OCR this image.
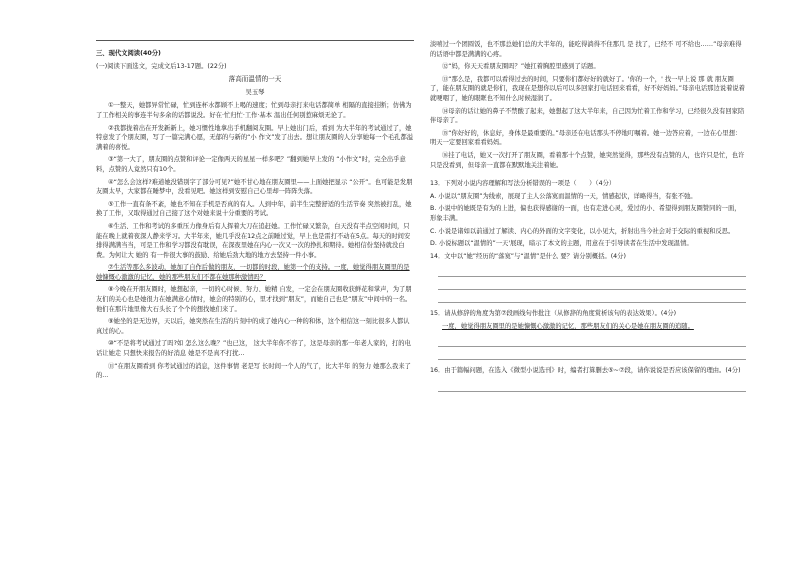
三、现代文阅读(40分)

(一)阅读下面选文，完成文后13-17题。(22分)

落高而温情的一天

吴玉琴

①一整天，她都异常忙碌，忙到连杯水都顾不上喝的速度；忙到母亲打来电话都简单 相隔的直接挂断；仿佛为了工作相关的事连半句多余的话都说没。好在·忙归忙·工作·基本 温出任何别惹麻烦无论了。

②我都拢着出在开发新新上，她习惯性地拿出手机翻阅友圈。早上她出门后，看到 为大半年的考试通过了，她特意发了个朋友圈，写了一篇完满心愿，无郁的与新的“小 作文”发了出去。想让朋友圈的人分享她每一个毛孔都溢满着的喜悦。

③“第一大了，朋友圈的点赞和评论一定像两天的星星一样多吧？”翻到她早上发的 “小作文”时，完全出乎意料，点赞的人竟然只有10个。

④“怎么会这样?难道她没错别字了部分可见?”她不甘心地在朋友圈里——上面她把显示 “公开”。也可能是发朋友圈太早，大家都在睡梦中，没看见吧。她这样到安慰自己心里却一阵阵失落。

⑤工作一直有条不紊，她也不知在手机是否真的有人。人到中年，前半生完整舒适的生活节奏 突然被打乱，她换了工作，又取得通过自己接了这个对她来说十分重要的考试。

⑥生活、工作和考试的多重压力像身后有人挥着大刀在追赶她。工作忙碌又繁杂，白天没有半点空闲时间，只能在晚上就着夜深人静来学习。大半年来，她几乎没在12点之前睡过觉，早上也是雷打不动在5点。每天的时间安排得满满当当，可是工作和学习都没有耽误，在深夜里她在内心一次又一次的挣扎和期待。她相信份坚持就没白费。为何让大 她的 有一件很大事的鼓励、给她后劲大地的地方去坚持一件小事。

⑦生活等那么多波动，她加了自作后做的朋友，一切都的时段，她第一个的支持。一度，她觉得朋友圈里的是她慷慨心激激的记忆，她的那些朋友们不都在她那种激情吗？

⑧今晚在开朋友圈时，她想起亲，一切的心时候、努力、她精 自发，一定会在朋友圈收获鲜花和掌声，为了朋友们的关心也是她很力在她满意心情时，她会的特别的心，里才找到“朋友”，而她自己也是“朋友”中间中的一名。他们在那片地里像大石头长了个个的想找她们来了。

⑨她坐的是无边界，天以后，她突然在生活的片刻中的成了她内心一种的和体，这个相信这一刻比很多人都认真过的心。

⑩“不是将考试通过了吗?如 怎么这么晚？”也已这， 这大半年你不容了，这是母亲的那一年老人家的，打的电话让她走 只想快来报告的好消息 她是不是真不打扰...

⑪“在朋友圈看到 你考试通过的消息，这件事情 老是写 长时间一个人的气了，比大半年 的努力 她那么我来了的...

淡嘻过一个团圆饭，也不那总她们总的大半年的，能吃得淌得不住那几 是 找了，已经不 可不给也……”母亲难得的话语中都是满满的心疼。

⑫“妈，你天天看朋友圈吗？”她扛着胸腔里感到了话题。

⑬“那么是，我都可以看得过去的时间，只要你们都好好的就好了。'你的一个，' 找一早上说 那 就 朋友圈了，能在朋友圈的就是你们，我现在是想你以后可以多回家打电话回来看看，好不好妈妈。”母亲电话那边说着说着就哽咽了，她的眼眶也不知什么时候湿润了。

⑭母亲的话让她的鼻子不禁酸了起来，她想起了这大半年来，自己因为忙着工作和学习，已经很久没有回家陪伴母亲了。

⑮“你好好的，休息好，身体是最重要的。”母亲还在电话那头不停地叮嘱着。她一边答应着，一边在心里想：明天一定要回家看看妈妈。

⑯挂了电话，她又一次打开了朋友圈，看着那十个点赞，她突然觉得，那些没有点赞的人，也许只是忙，也许只是没看到，但母亲一直都在默默地关注着她。

13．下列对小说内容理解和写法分析错误的一项是（　　）（4分）

A. 小说以“朋友圈”为线索，展现了主人公落寞而温情的一天，情感起伏，详略得当，有张不弛。

B. 小说中的她既是有为的上进，偏也获得感谢的一面，也有走进心灵，爱过的小、希望得到朋友圈赞同的一面，形象丰满。

C. 小说是诸如以前通过了解读、内心的外面的文字变化，以小见大，折射出当今社会对于交际的重视和反思。

D. 小说标题以“温情的”一天'展现，暗示了本文的主题，用意在于引导读者在生活中发现温情。

14．文中以“她”经历的“落寞”与“温情”是什么 要？请分别概括。(4分)

15．请从修辞的角度为第⑦段画线句作批注（从修辞的角度赏析该句的表达效果）。(4分)

一度，她觉得朋友圈里的是她慷慨心激激的记忆，那些朋友们的关心是她在朋友圈的追随。

16．由于篇幅问题，在选入《微型小说选刊》时，编者打算删去⑤~⑦段，请你说说是否应该保留的理由。(4分)
